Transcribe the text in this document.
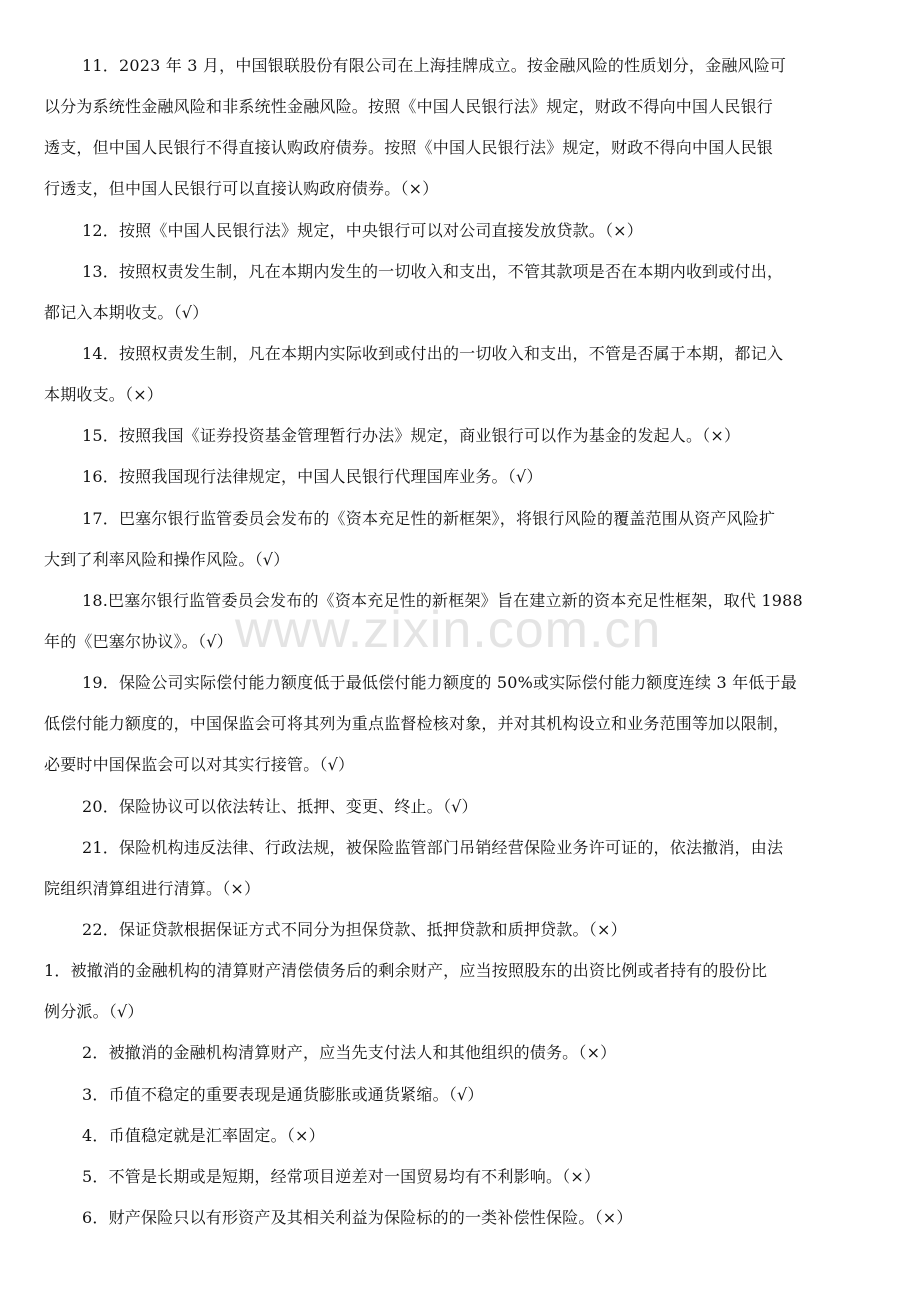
www.zixin.com.cn
11．2023 年 3 月，中国银联股份有限公司在上海挂牌成立。按金融风险的性质划分，金融风险可
以分为系统性金融风险和非系统性金融风险。按照《中国人民银行法》规定，财政不得向中国人民银行
透支，但中国人民银行不得直接认购政府债券。按照《中国人民银行法》规定，财政不得向中国人民银
行透支，但中国人民银行可以直接认购政府债券。（×）
12．按照《中国人民银行法》规定，中央银行可以对公司直接发放贷款。（×）
13．按照权责发生制，凡在本期内发生的一切收入和支出，不管其款项是否在本期内收到或付出，
都记入本期收支。（√）
14．按照权责发生制，凡在本期内实际收到或付出的一切收入和支出，不管是否属于本期，都记入
本期收支。（×）
15．按照我国《证券投资基金管理暂行办法》规定，商业银行可以作为基金的发起人。（×）
16．按照我国现行法律规定，中国人民银行代理国库业务。（√）
17．巴塞尔银行监管委员会发布的《资本充足性的新框架》，将银行风险的覆盖范围从资产风险扩
大到了利率风险和操作风险。（√）
18.巴塞尔银行监管委员会发布的《资本充足性的新框架》旨在建立新的资本充足性框架，取代 1988
年的《巴塞尔协议》。（√）
19．保险公司实际偿付能力额度低于最低偿付能力额度的 50%或实际偿付能力额度连续 3 年低于最
低偿付能力额度的，中国保监会可将其列为重点监督检核对象，并对其机构设立和业务范围等加以限制，
必要时中国保监会可以对其实行接管。（√）
20．保险协议可以依法转让、抵押、变更、终止。（√）
21．保险机构违反法律、行政法规，被保险监管部门吊销经营保险业务许可证的，依法撤消，由法
院组织清算组进行清算。（×）
22．保证贷款根据保证方式不同分为担保贷款、抵押贷款和质押贷款。（×）
1．被撤消的金融机构的清算财产清偿债务后的剩余财产，应当按照股东的出资比例或者持有的股份比
例分派。（√）
2．被撤消的金融机构清算财产，应当先支付法人和其他组织的债务。（×）
3．币值不稳定的重要表现是通货膨胀或通货紧缩。（√）
4．币值稳定就是汇率固定。（×）
5．不管是长期或是短期，经常项目逆差对一国贸易均有不利影响。（×）
6．财产保险只以有形资产及其相关利益为保险标的的一类补偿性保险。（×）
